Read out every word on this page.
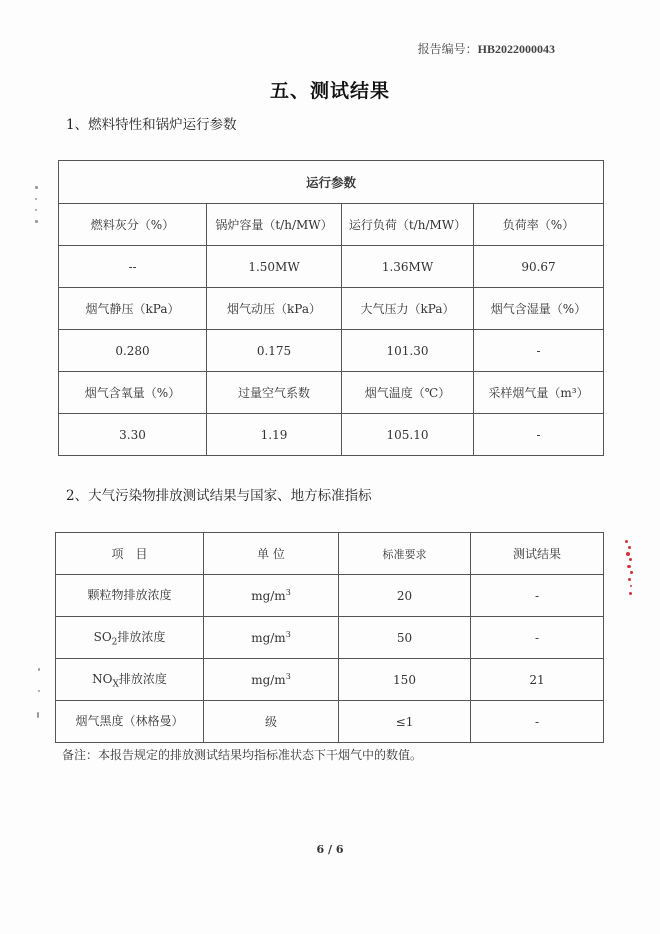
报告编号：HB2022000043
五、测试结果
1、燃料特性和锅炉运行参数
运行参数			
燃料灰分（%）	锅炉容量（t/h/MW）	运行负荷（t/h/MW）	负荷率（%）
--	1.50MW	1.36MW	90.67
烟气静压（kPa）	烟气动压（kPa）	大气压力（kPa）	烟气含湿量（%）
0.280	0.175	101.30	-
烟气含氧量（%）	过量空气系数	烟气温度（℃）	采样烟气量（m³）
3.30	1.19	105.10	-
2、大气污染物排放测试结果与国家、地方标准指标
项　目	单 位	标准要求	测试结果
颗粒物排放浓度	$mg/m^3$	20	-
$SO_2$排放浓度	$mg/m^3$	50	-
$NO_X$排放浓度	$mg/m^3$	150	21
烟气黑度（林格曼）	级	≤1	-
备注：本报告规定的排放测试结果均指标准状态下干烟气中的数值。
6 / 6
